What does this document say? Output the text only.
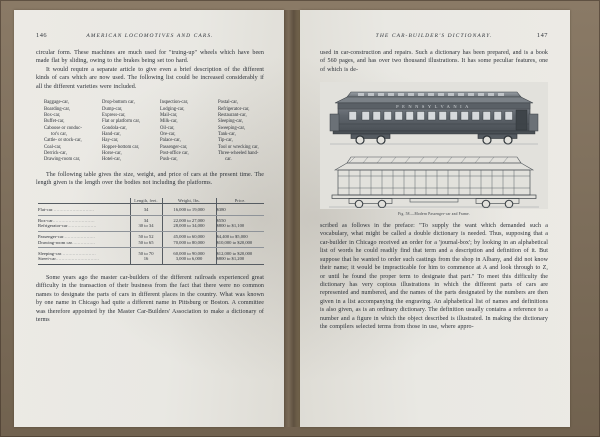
146	AMERICAN LOCOMOTIVES AND CARS.

circular form. These machines are much used for "truing-up" wheels which have been made flat by sliding, owing to the brakes being set too hard.

It would require a separate article to give even a brief description of the different kinds of cars which are now used. The following list could be increased considerably if all the different varieties were included.

Baggage-car,
Boarding-car,
Box-car,
Buffet-car,
Caboose or conduc-
tor's car,
Cattle- or stock-car,
Coal-car,
Derrick-car,
Drawing-room car,
Drop-bottom car,
Dump-car,
Express-car,
Flat or platform car,
Gondola-car,
Hand-car,
Hay-car,
Hopper-bottom car,
Horse-car,
Hotel-car,
Inspection-car,
Lodging-car,
Mail-car,
Milk-car,
Oil-car,
Ore-car,
Palace-car,
Passenger-car,
Post-office car,
Push-car,
Postal-car,
Refrigerator-car,
Restaurant-car,
Sleeping-car,
Sweeping-car,
Tank-car,
Tip-car,
Tool or wrecking car,
Three-wheeled hand-
car.

The following table gives the size, weight, and price of cars at the present time. The length given is the length over the bodies not including the platforms.

	Length, feet.	Weight, lbs.	Price.
Flat-car.............................	34	16,000 to 19,000	$380

Box-car.............................	34	22,000 to 27,000	$550
Refrigerator-car....................	30 to 34	28,000 to 34,000	$800 to $1,100

Passenger-car......................	50 to 52	45,000 to 60,000	$4,400 to $5,000
Drawing-room car................	50 to 65	70,000 to 80,000	$10,000 to $20,000

Sleeping-car........................	50 to 70	60,000 to 90,000	$12,000 to $20,000
Street-car..............................	16	3,000 to 6,000	$800 to $1,200

Some years ago the master car-builders of the different railroads experienced great difficulty in the transaction of their business from the fact that there were no common names to designate the parts of cars in different places in the country. What was known by one name in Chicago had quite a different name in Pittsburg or Boston. A committee was therefore appointed by the Master Car-Builders' Association to make a dictionary of terms

THE CAR-BUILDER'S DICTIONARY.	147

used in car-construction and repairs. Such a dictionary has been prepared, and is a book of 560 pages, and has over two thousand illustrations. It has some peculiar features, one of which is de-

PENNSYLVANIA
Fig. 58.—Modern Passenger-car and Frame.

scribed as follows in the preface: "To supply the want which demanded such a vocabulary, what might be called a double dictionary is needed. Thus, supposing that a car-builder in Chicago received an order for a 'journal-box'; by looking in an alphabetical list of words he could readily find that term and a description and definition of it. But suppose that he wanted to order such castings from the shop in Albany, and did not know their name; it would be impracticable for him to commence at A and look through to Z, or until he found the proper term to designate that part." To meet this difficulty the dictionary has very copious illustrations in which the different parts of cars are represented and numbered, and the names of the parts designated by the numbers are then given in a list accompanying the engraving. An alphabetical list of names and definitions is also given, as is an ordinary dictionary. The definition usually contains a reference to a number and a figure in which the object described is illustrated. In making the dictionary the compilers selected terms from those in use, where appro-
